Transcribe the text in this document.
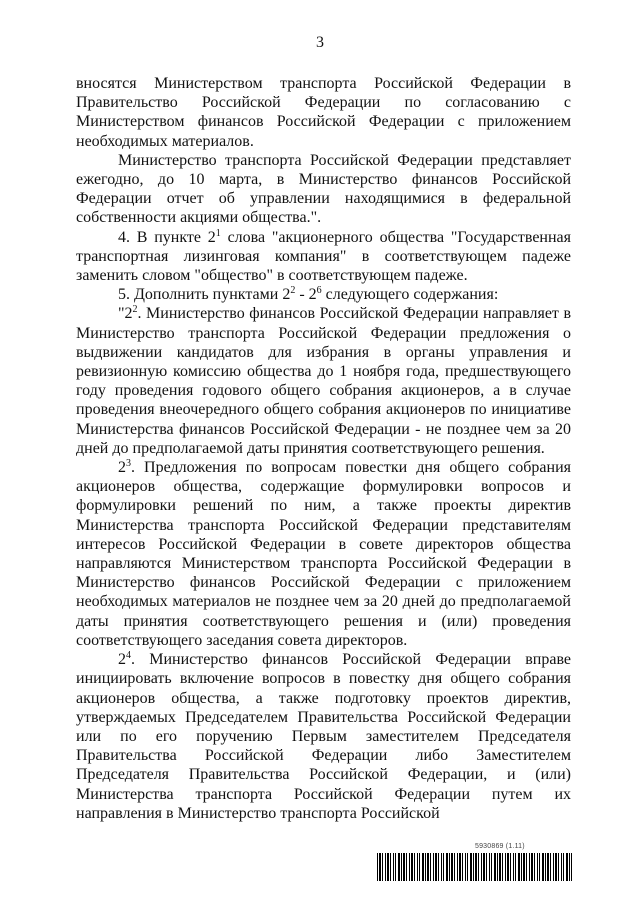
3

вносятся Министерством транспорта Российской Федерации в Правительство Российской Федерации по согласованию с Министерством финансов Российской Федерации с приложением необходимых материалов.

Министерство транспорта Российской Федерации представляет ежегодно, до 10 марта, в Министерство финансов Российской Федерации отчет об управлении находящимися в федеральной собственности акциями общества.".

4. В пункте $2^1$ слова "акционерного общества "Государственная транспортная лизинговая компания" в соответствующем падеже заменить словом "общество" в соответствующем падеже.

5. Дополнить пунктами $2^2 - 2^6$ следующего содержания:

"$2^2$. Министерство финансов Российской Федерации направляет в Министерство транспорта Российской Федерации предложения о выдвижении кандидатов для избрания в органы управления и ревизионную комиссию общества до 1 ноября года, предшествующего году проведения годового общего собрания акционеров, а в случае проведения внеочередного общего собрания акционеров по инициативе Министерства финансов Российской Федерации - не позднее чем за 20 дней до предполагаемой даты принятия соответствующего решения.

$2^3$. Предложения по вопросам повестки дня общего собрания акционеров общества, содержащие формулировки вопросов и формулировки решений по ним, а также проекты директив Министерства транспорта Российской Федерации представителям интересов Российской Федерации в совете директоров общества направляются Министерством транспорта Российской Федерации в Министерство финансов Российской Федерации с приложением необходимых материалов не позднее чем за 20 дней до предполагаемой даты принятия соответствующего решения и (или) проведения соответствующего заседания совета директоров.

$2^4$. Министерство финансов Российской Федерации вправе инициировать включение вопросов в повестку дня общего собрания акционеров общества, а также подготовку проектов директив, утверждаемых Председателем Правительства Российской Федерации или по его поручению Первым заместителем Председателя Правительства Российской Федерации либо Заместителем Председателя Правительства Российской Федерации, и (или) Министерства транспорта Российской Федерации путем их направления в Министерство транспорта Российской

5930869 (1.11)
